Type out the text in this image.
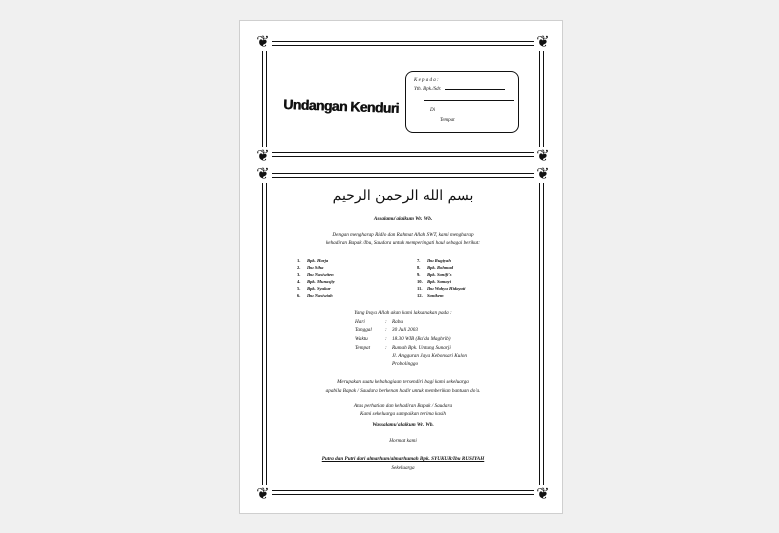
❦	❦
❦	❦
Undangan Kenduri
K e p a d a :
Yth. Bpk./Sdr.
Di
Tempat
❦	❦
❦	❦
بسم الله الرحمن الرحيم
Assalamu'alaikum Wr. Wb.
Dengan mengharap Ridlo dan Rahmat Allah SWT, kami mengharap
kehadiran Bapak /Ibu, Saudara untuk memperingati haul sebagai berikut:
1. Bpk. Harja
2. Ibu Siha
3. Ibu Nasiwiten
4. Bpk. Munasjiy
5. Bpk. Syukur
6. Ibu Nasiwiah
7. Ibu Rugiyah
8. Bpk. Rohmad
9. Bpk. Sanifi's
10. Bpk. Samayi
11. Ibu Wahyu Hidayati
12. Sanikem
Yang Insya Allah akan kami laksanakan pada :
Hari	: Rabu
Tanggal	: 30 Juli 2003
Waktu	: 18.30 WIB (Ba'da Maghrib)
Tempat	: Rumah Bpk. Untung Sunarji
Jl. Angguran Jaya Kebonsari Kulon
Probolinggo
Merupakan suatu kebahagiaan tersendiri bagi kami sekeluarga
apabila Bapak / Saudara berkenan hadir untuk memberikan bantuan do'a.
Atas perhatian dan kehadiran Bapak / Saudara
Kami sekeluarga sampaikan terima kasih
Wassalamu'alaikum Wr. Wb.
Hormat kami
Putra dan Putri dari almarhum/almarhumah Bpk. SYUKUR/Ibu RUSIYAH
Sekeluarga
